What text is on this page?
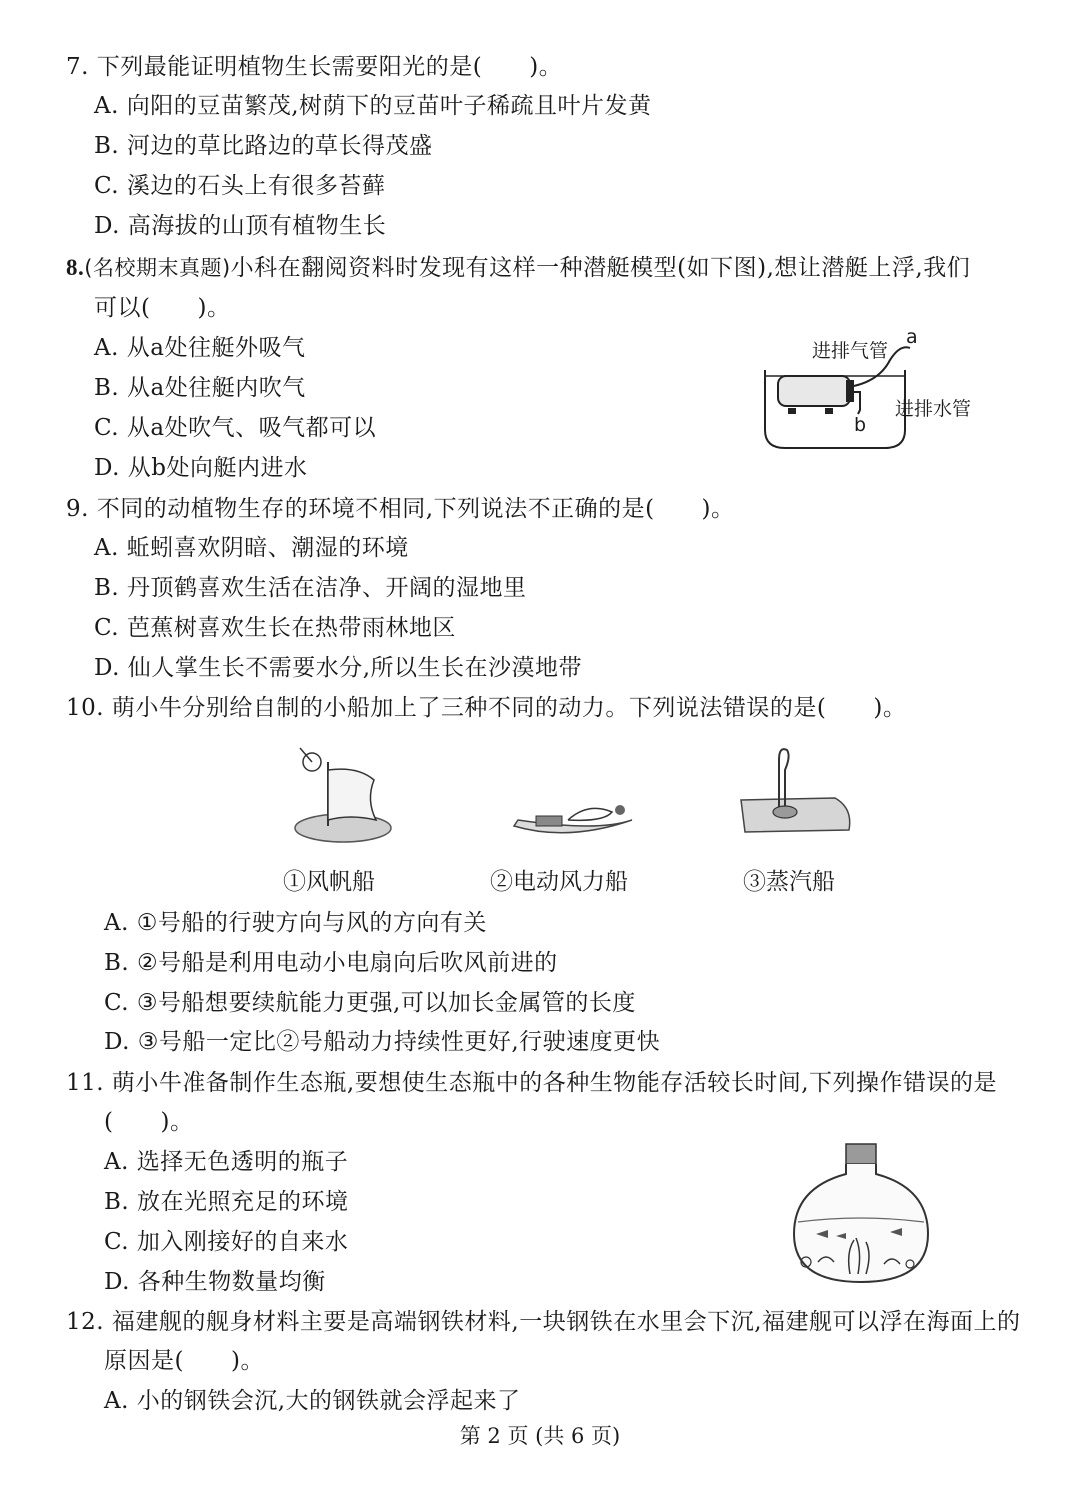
7. 下列最能证明植物生长需要阳光的是(　　)。
A. 向阳的豆苗繁茂,树荫下的豆苗叶子稀疏且叶片发黄
B. 河边的草比路边的草长得茂盛
C. 溪边的石头上有很多苔藓
D. 高海拔的山顶有植物生长
8.(名校期末真题)小科在翻阅资料时发现有这样一种潜艇模型(如下图),想让潜艇上浮,我们
可以(　　)。
A. 从a处往艇外吸气
B. 从a处往艇内吹气
C. 从a处吹气、吸气都可以
D. 从b处向艇内进水
进排气管
a
进排水管
b
9. 不同的动植物生存的环境不相同,下列说法不正确的是(　　)。
A. 蚯蚓喜欢阴暗、潮湿的环境
B. 丹顶鹤喜欢生活在洁净、开阔的湿地里
C. 芭蕉树喜欢生长在热带雨林地区
D. 仙人掌生长不需要水分,所以生长在沙漠地带
10. 萌小牛分别给自制的小船加上了三种不同的动力。下列说法错误的是(　　)。
①风帆船	②电动风力船	③蒸汽船
A. ①号船的行驶方向与风的方向有关
B. ②号船是利用电动小电扇向后吹风前进的
C. ③号船想要续航能力更强,可以加长金属管的长度
D. ③号船一定比②号船动力持续性更好,行驶速度更快
11. 萌小牛准备制作生态瓶,要想使生态瓶中的各种生物能存活较长时间,下列操作错误的是
(　　)。
A. 选择无色透明的瓶子
B. 放在光照充足的环境
C. 加入刚接好的自来水
D. 各种生物数量均衡
12. 福建舰的舰身材料主要是高端钢铁材料,一块钢铁在水里会下沉,福建舰可以浮在海面上的
原因是(　　)。
A. 小的钢铁会沉,大的钢铁就会浮起来了
第 2 页 (共 6 页)
